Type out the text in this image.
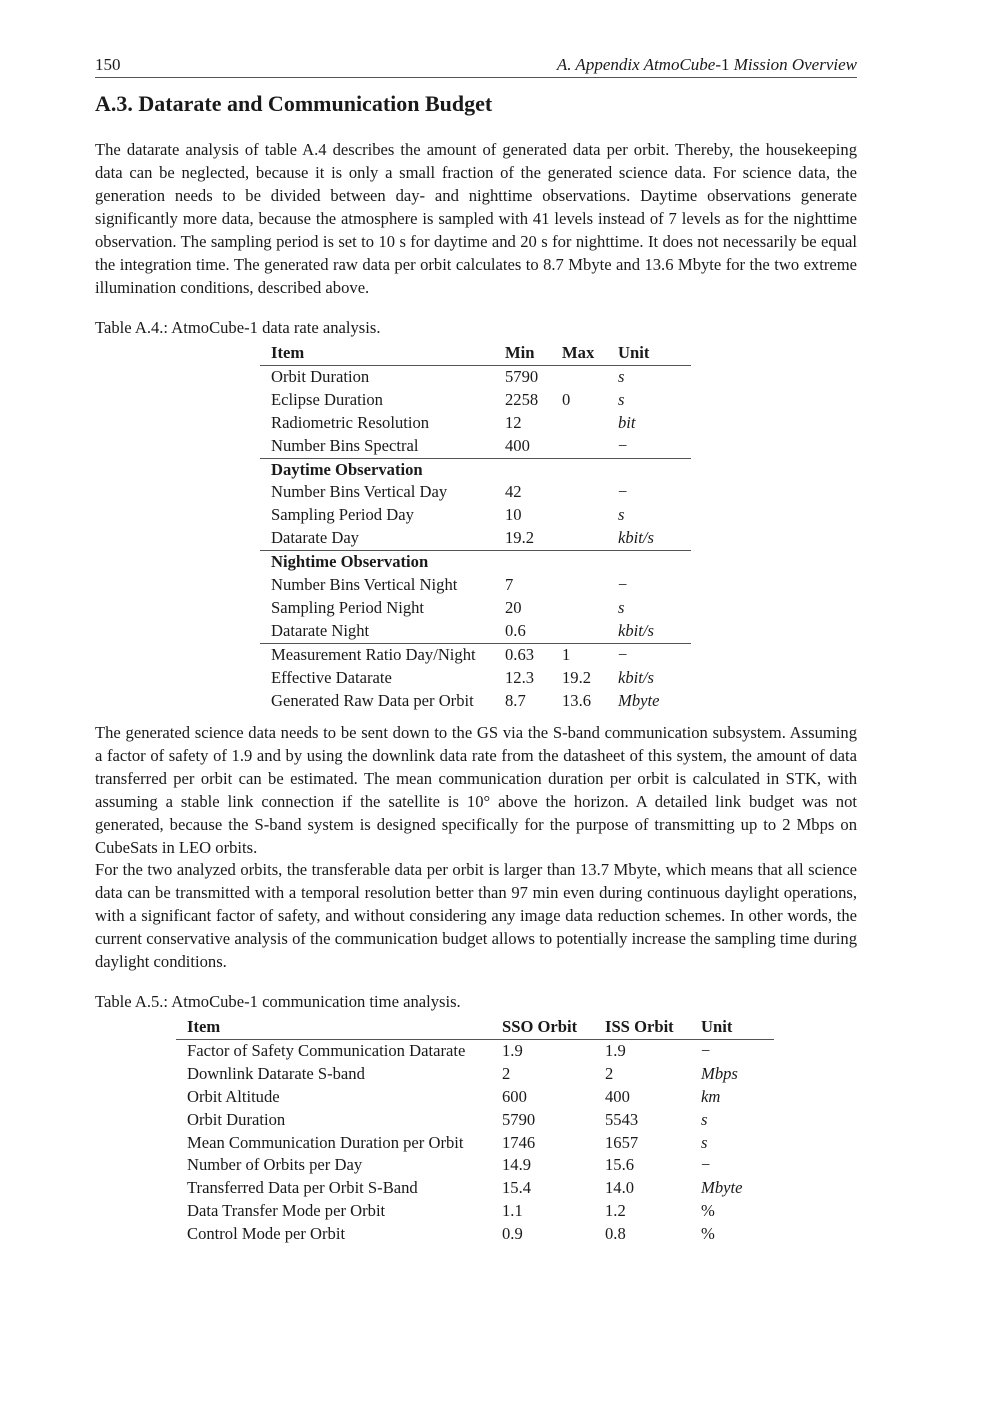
150	A. Appendix AtmoCube-1 Mission Overview
A.3. Datarate and Communication Budget

The datarate analysis of table A.4 describes the amount of generated data per orbit. Thereby, the housekeeping data can be neglected, because it is only a small fraction of the generated science data. For science data, the generation needs to be divided between day- and nighttime observations. Daytime observations generate significantly more data, because the atmosphere is sampled with 41 levels instead of 7 levels as for the nighttime observation. The sampling period is set to 10 s for daytime and 20 s for nighttime. It does not necessarily be equal the integration time. The generated raw data per orbit calculates to 8.7 Mbyte and 13.6 Mbyte for the two extreme illumination conditions, described above.

Table A.4.: AtmoCube-1 data rate analysis.

Item	Min	Max	Unit
Orbit Duration	5790		s
Eclipse Duration	2258	0	s
Radiometric Resolution	12		bit
Number Bins Spectral	400		−
Daytime Observation			
Number Bins Vertical Day	42		−
Sampling Period Day	10		s
Datarate Day	19.2		kbit/s
Nightime Observation			
Number Bins Vertical Night	7		−
Sampling Period Night	20		s
Datarate Night	0.6		kbit/s
Measurement Ratio Day/Night	0.63	1	−
Effective Datarate	12.3	19.2	kbit/s
Generated Raw Data per Orbit	8.7	13.6	Mbyte

The generated science data needs to be sent down to the GS via the S-band communication subsystem. Assuming a factor of safety of 1.9 and by using the downlink data rate from the datasheet of this system, the amount of data transferred per orbit can be estimated. The mean communication duration per orbit is calculated in STK, with assuming a stable link connection if the satellite is 10° above the horizon. A detailed link budget was not generated, because the S-band system is designed specifically for the purpose of transmitting up to 2 Mbps on CubeSats in LEO orbits.

For the two analyzed orbits, the transferable data per orbit is larger than 13.7 Mbyte, which means that all science data can be transmitted with a temporal resolution better than 97 min even during continuous daylight operations, with a significant factor of safety, and without considering any image data reduction schemes. In other words, the current conservative analysis of the communication budget allows to potentially increase the sampling time during daylight conditions.

Table A.5.: AtmoCube-1 communication time analysis.

Item	SSO Orbit	ISS Orbit	Unit
Factor of Safety Communication Datarate	1.9	1.9	−
Downlink Datarate S-band	2	2	Mbps
Orbit Altitude	600	400	km
Orbit Duration	5790	5543	s
Mean Communication Duration per Orbit	1746	1657	s
Number of Orbits per Day	14.9	15.6	−
Transferred Data per Orbit S-Band	15.4	14.0	Mbyte
Data Transfer Mode per Orbit	1.1	1.2	%
Control Mode per Orbit	0.9	0.8	%
